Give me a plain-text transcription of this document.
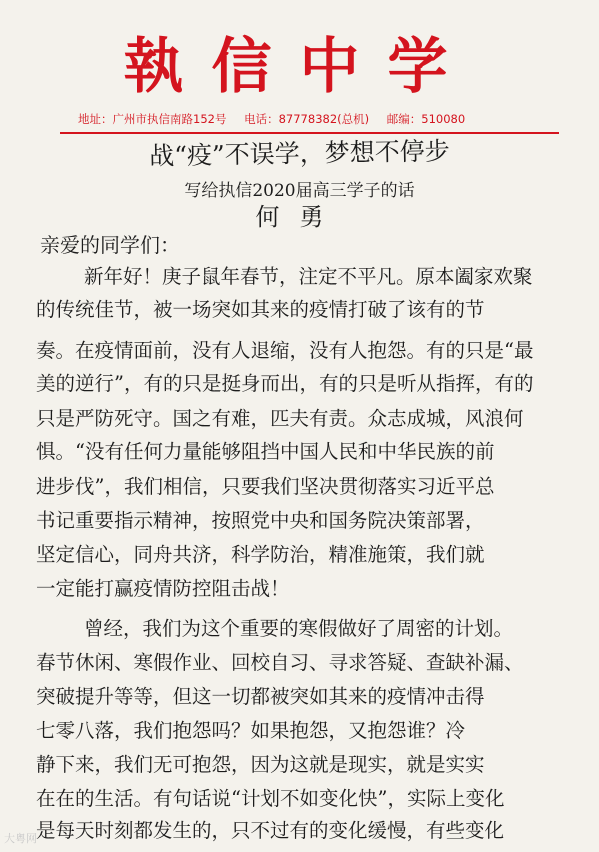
執信中学
地址：广州市执信南路152号 电话：87778382(总机) 邮编：510080
战“疫”不误学，梦想不停步
写给执信2020届高三学子的话
何勇
亲爱的同学们：
新年好！庚子鼠年春节，注定不平凡。原本阖家欢聚
的传统佳节，被一场突如其来的疫情打破了该有的节
奏。在疫情面前，没有人退缩，没有人抱怨。有的只是“最
美的逆行”，有的只是挺身而出，有的只是听从指挥，有的
只是严防死守。国之有难，匹夫有责。众志成城，风浪何
惧。“没有任何力量能够阻挡中国人民和中华民族的前
进步伐”，我们相信，只要我们坚决贯彻落实习近平总
书记重要指示精神，按照党中央和国务院决策部署，
坚定信心，同舟共济，科学防治，精准施策，我们就
一定能打赢疫情防控阻击战！
曾经，我们为这个重要的寒假做好了周密的计划。
春节休闲、寒假作业、回校自习、寻求答疑、查缺补漏、
突破提升等等，但这一切都被突如其来的疫情冲击得
七零八落，我们抱怨吗？如果抱怨，又抱怨谁？冷
静下来，我们无可抱怨，因为这就是现实，就是实实
在在的生活。有句话说“计划不如变化快”，实际上变化
是每天时刻都发生的，只不过有的变化缓慢，有些变化
大粤网
